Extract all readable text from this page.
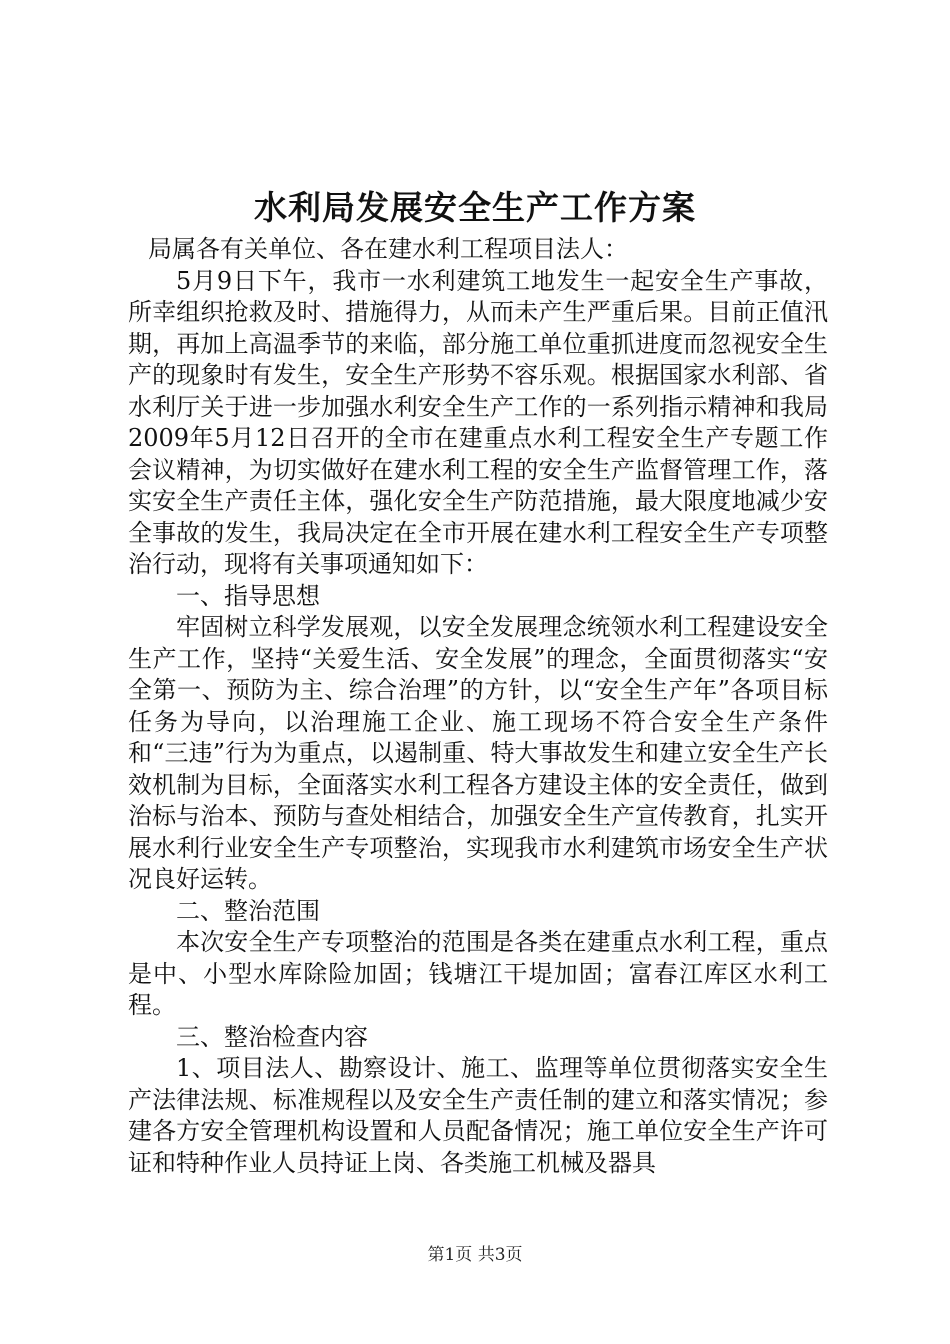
水利局发展安全生产工作方案

局属各有关单位、各在建水利工程项目法人：

5月9日下午，我市一水利建筑工地发生一起安全生产事故，所幸组织抢救及时、措施得力，从而未产生严重后果。目前正值汛期，再加上高温季节的来临，部分施工单位重抓进度而忽视安全生产的现象时有发生，安全生产形势不容乐观。根据国家水利部、省水利厅关于进一步加强水利安全生产工作的一系列指示精神和我局2009年5月12日召开的全市在建重点水利工程安全生产专题工作会议精神，为切实做好在建水利工程的安全生产监督管理工作，落实安全生产责任主体，强化安全生产防范措施，最大限度地减少安全事故的发生，我局决定在全市开展在建水利工程安全生产专项整治行动，现将有关事项通知如下：

一、指导思想

牢固树立科学发展观，以安全发展理念统领水利工程建设安全生产工作，坚持“关爱生活、安全发展”的理念，全面贯彻落实“安全第一、预防为主、综合治理”的方针，以“安全生产年”各项目标任务为导向，以治理施工企业、施工现场不符合安全生产条件和“三违”行为为重点，以遏制重、特大事故发生和建立安全生产长效机制为目标，全面落实水利工程各方建设主体的安全责任，做到治标与治本、预防与查处相结合，加强安全生产宣传教育，扎实开展水利行业安全生产专项整治，实现我市水利建筑市场安全生产状况良好运转。

二、整治范围

本次安全生产专项整治的范围是各类在建重点水利工程，重点是中、小型水库除险加固；钱塘江干堤加固；富春江库区水利工程。

三、整治检查内容

1、项目法人、勘察设计、施工、监理等单位贯彻落实安全生产法律法规、标准规程以及安全生产责任制的建立和落实情况；参建各方安全管理机构设置和人员配备情况；施工单位安全生产许可证和特种作业人员持证上岗、各类施工机械及器具

第1页 共3页
